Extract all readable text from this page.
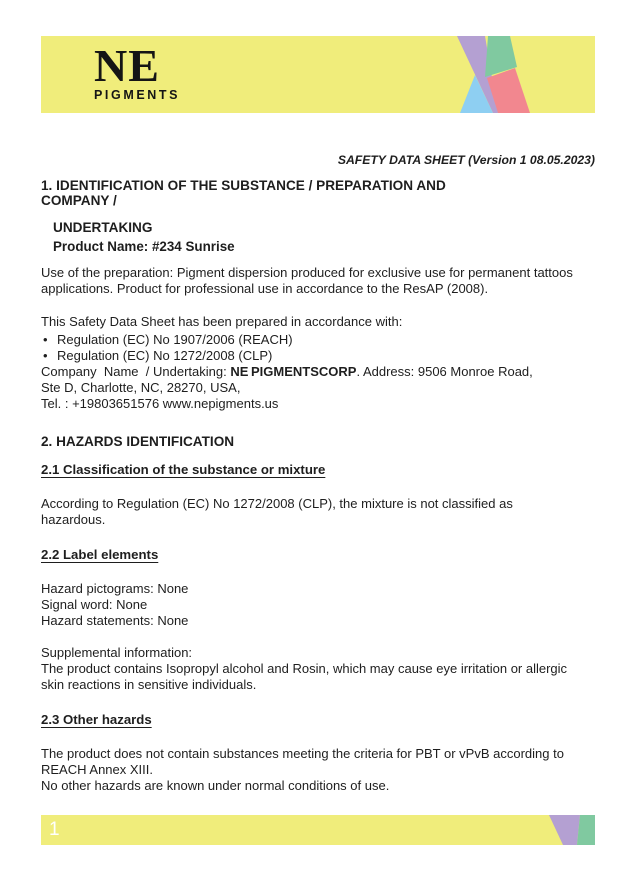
NE
PIGMENTS
SAFETY DATA SHEET (Version 1 08.05.2023)
1. IDENTIFICATION OF THE SUBSTANCE / PREPARATION AND
COMPANY /
UNDERTAKING
Product Name: #234 Sunrise

Use of the preparation: Pigment dispersion produced for exclusive use for permanent tattoos applications. Product for professional use in accordance to the ResAP (2008).

This Safety Data Sheet has been prepared in accordance with:

• Regulation (EC) No 1907/2006 (REACH)
• Regulation (EC) No 1272/2008 (CLP)
Company  Name  / Undertaking: NE PIGMENTSCORP. Address: 9506 Monroe Road,
Ste D, Charlotte, NC, 28270, USA,
Tel. : +19803651576 www.nepigments.us
2. HAZARDS IDENTIFICATION
2.1 Classification of the substance or mixture

According to Regulation (EC) No 1272/2008 (CLP), the mixture is not classified as hazardous.

2.2 Label elements
Hazard pictograms: None
Signal word: None
Hazard statements: None

Supplemental information:

The product contains Isopropyl alcohol and Rosin, which may cause eye irritation or allergic skin reactions in sensitive individuals.

2.3 Other hazards

The product does not contain substances meeting the criteria for PBT or vPvB according to REACH Annex XIII.

No other hazards are known under normal conditions of use.

1
